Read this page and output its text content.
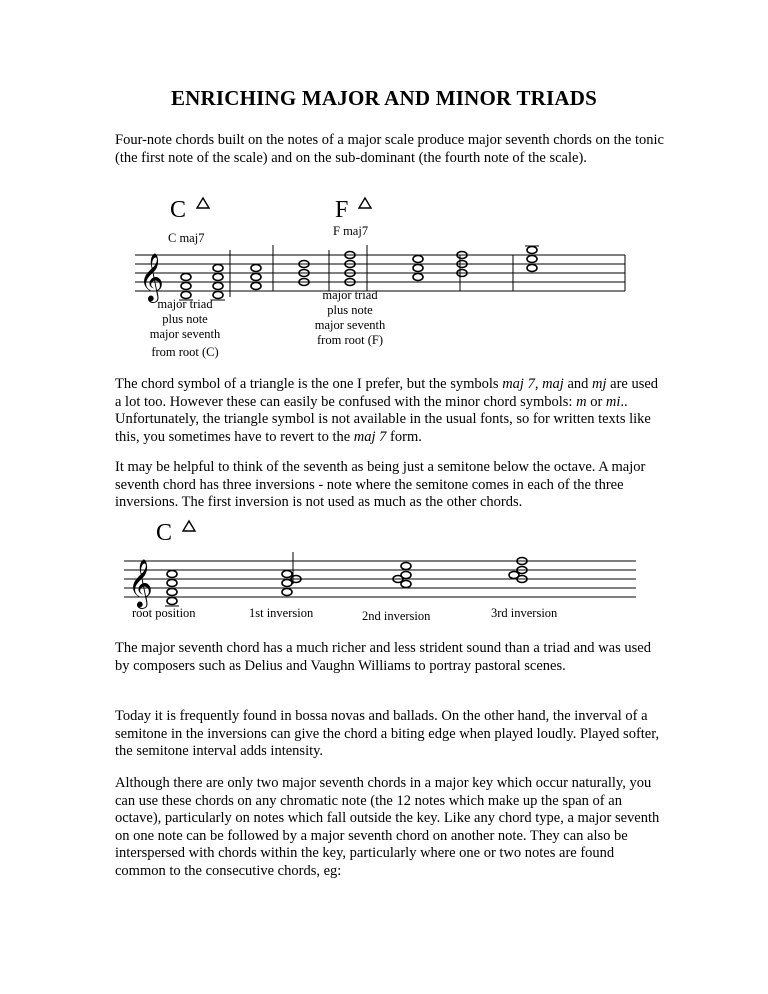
ENRICHING MAJOR AND MINOR TRIADS

Four-note chords built on the notes of a major scale produce major seventh chords on the tonic (the first note of the scale) and on the sub-dominant (the fourth note of the scale).

C	F
C maj7	F maj7
𝄞
major triad
plus note
major seventh
from root (C)
major triad
plus note
major seventh
from root (F)

The chord symbol of a triangle is the one I prefer, but the symbols maj 7, maj and mj are used a lot too. However these can easily be confused with the minor chord symbols: m or mi.. Unfortunately, the triangle symbol is not available in the usual fonts, so for written texts like this, you sometimes have to revert to the maj 7 form.

It may be helpful to think of the seventh as being just a semitone below the octave. A major seventh chord has three inversions - note where the semitone comes in each of the three inversions. The first inversion is not used as much as the other chords.

C
𝄞
root position	1st inversion	2nd inversion	3rd inversion

The major seventh chord has a much richer and less strident sound than a triad and was used by composers such as Delius and Vaughn Williams to portray pastoral scenes.

Today it is frequently found in bossa novas and ballads. On the other hand, the inverval of a semitone in the inversions can give the chord a biting edge when played loudly. Played softer, the semitone interval adds intensity.

Although there are only two major seventh chords in a major key which occur naturally, you can use these chords on any chromatic note (the 12 notes which make up the span of an octave), particularly on notes which fall outside the key. Like any chord type, a major seventh on one note can be followed by a major seventh chord on another note. They can also be interspersed with chords within the key, particularly where one or two notes are found common to the consecutive chords, eg:
